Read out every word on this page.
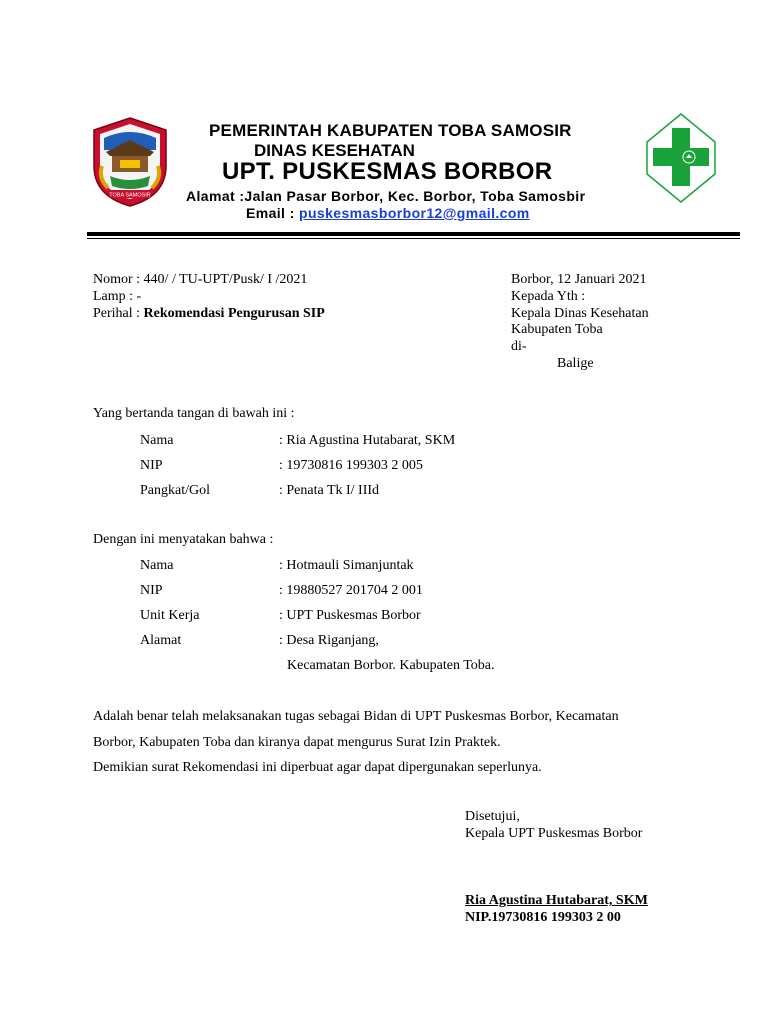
TOBA SAMOSIR
PEMERINTAH KABUPATEN TOBA SAMOSIR
DINAS KESEHATAN
UPT. PUSKESMAS BORBOR
Alamat :Jalan Pasar Borbor, Kec. Borbor, Toba Samosbir
Email : puskesmasborbor12@gmail.com
Nomor : 440/ / TU-UPT/Pusk/ I /2021
Lamp : -
Perihal : Rekomendasi Pengurusan SIP
Borbor, 12 Januari 2021
Kepada Yth :
Kepala Dinas Kesehatan
Kabupaten Toba
di-
Balige
Yang bertanda tangan di bawah ini :
Nama	: Ria Agustina Hutabarat, SKM
NIP	: 19730816 199303 2 005
Pangkat/Gol	: Penata Tk I/ IIId
Dengan ini menyatakan bahwa :
Nama	: Hotmauli Simanjuntak
NIP	: 19880527 201704 2 001
Unit Kerja	: UPT Puskesmas Borbor
Alamat	: Desa Riganjang,
Kecamatan Borbor. Kabupaten Toba.
Adalah benar telah melaksanakan tugas sebagai Bidan di UPT Puskesmas Borbor, Kecamatan
Borbor, Kabupaten Toba dan kiranya dapat mengurus Surat Izin Praktek.
Demikian surat Rekomendasi ini diperbuat agar dapat dipergunakan seperlunya.
Disetujui,
Kepala UPT Puskesmas Borbor
Ria Agustina Hutabarat, SKM
NIP.19730816 199303 2 00
